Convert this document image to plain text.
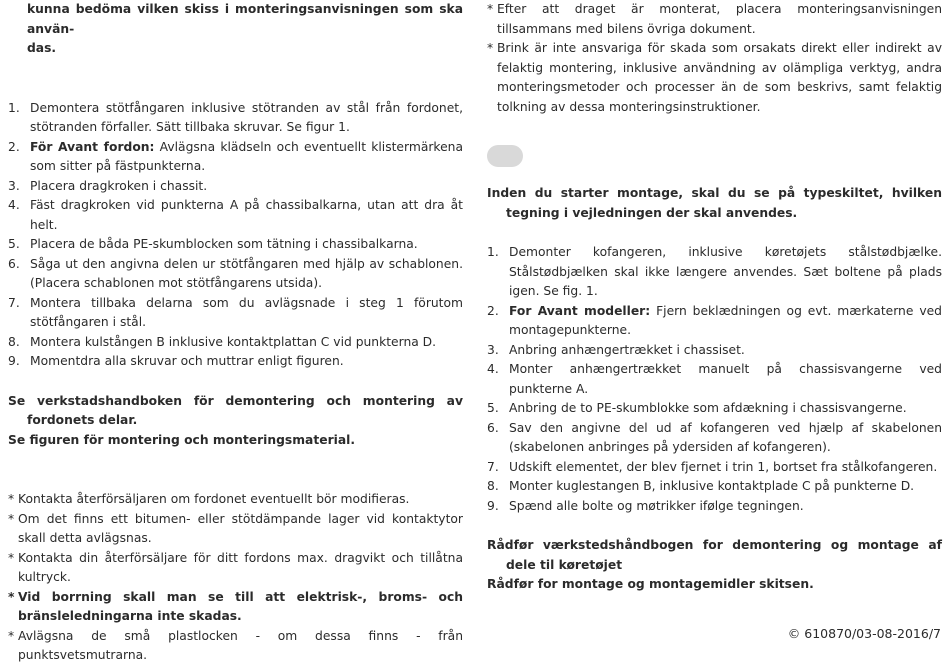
kunna bedöma vilken skiss i monteringsanvisningen som ska använ-
das.

1. Demontera stötfångaren inklusive stötranden av stål från fordonet, stötranden förfaller. Sätt tillbaka skruvar. Se figur 1.
2. För Avant fordon: Avlägsna klädseln och eventuellt klistermärkena som sitter på fästpunkterna.
3. Placera dragkroken i chassit.
4. Fäst dragkroken vid punkterna A på chassibalkarna, utan att dra åt helt.
5. Placera de båda PE-skumblocken som tätning i chassibalkarna.
6. Såga ut den angivna delen ur stötfångaren med hjälp av schablonen. (Placera schablonen mot stötfångarens utsida).
7. Montera tillbaka delarna som du avlägsnade i steg 1 förutom stötfångaren i stål.
8. Montera kulstången B inklusive kontaktplattan C vid punkterna D.
9. Momentdra alla skruvar och muttrar enligt figuren.

Se verkstadshandboken för demontering och montering av fordonets delar.

Se figuren för montering och monteringsmaterial.

* Kontakta återförsäljaren om fordonet eventuellt bör modifieras.
* Om det finns ett bitumen- eller stötdämpande lager vid kontaktytor skall detta avlägsnas.
* Kontakta din återförsäljare för ditt fordons max. dragvikt och tillåtna kultryck.
* Vid borrning skall man se till att elektrisk-, broms- och bränsleledningarna inte skadas.
* Avlägsna de små plastlocken - om dessa finns - från punktsvetsmutrarna.
* Efter att draget är monterat, placera monteringsanvisningen tillsammans med bilens övriga dokument.
* Brink är inte ansvariga för skada som orsakats direkt eller indirekt av felaktig montering, inklusive användning av olämpliga verktyg, andra monteringsmetoder och processer än de som beskrivs, samt felaktig tolkning av dessa monteringsinstruktioner.

Inden du starter montage, skal du se på typeskiltet, hvilken tegning i vejledningen der skal anvendes.

1. Demonter kofangeren, inklusive køretøjets stålstødbjælke. Stålstødbjælken skal ikke længere anvendes. Sæt boltene på plads igen. Se fig. 1.
2. For Avant modeller: Fjern beklædningen og evt. mærkaterne ved montagepunkterne.
3. Anbring anhængertrækket i chassiset.
4. Monter anhængertrækket manuelt på chassisvangerne ved punkterne A.
5. Anbring de to PE-skumblokke som afdækning i chassisvangerne.
6. Sav den angivne del ud af kofangeren ved hjælp af skabelonen (skabelonen anbringes på ydersiden af kofangeren).
7. Udskift elementet, der blev fjernet i trin 1, bortset fra stålkofangeren.
8. Monter kuglestangen B, inklusive kontaktplade C på punkterne D.
9. Spænd alle bolte og møtrikker ifølge tegningen.

Rådfør værkstedshåndbogen for demontering og montage af dele til køretøjet

Rådfør for montage og montagemidler skitsen.

© 610870/03-08-2016/7
